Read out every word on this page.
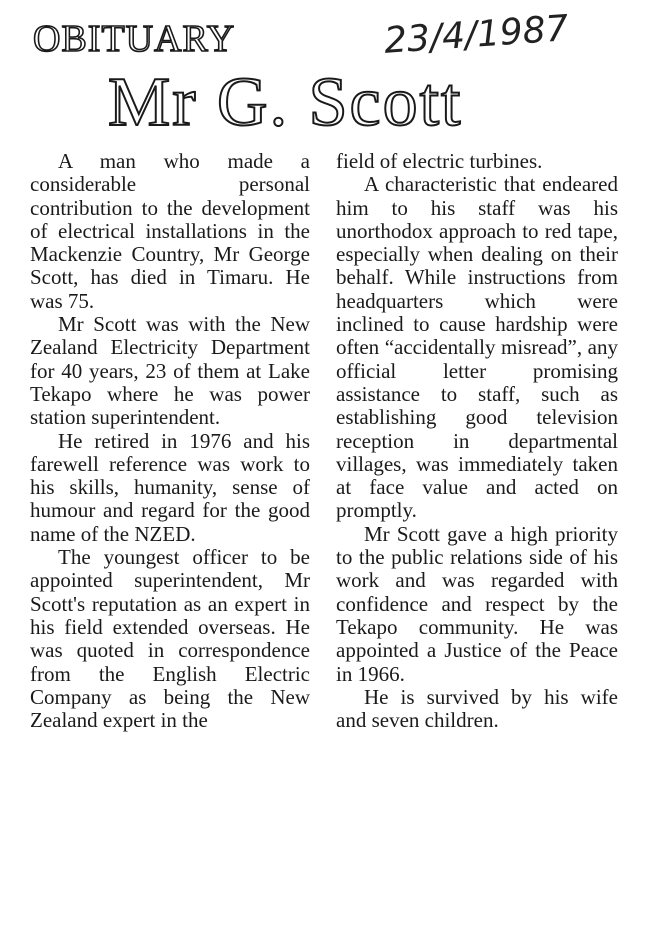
OBITUARY	23/4/1987
Mr G. Scott

A man who made a considerable personal contribution to the development of electrical installations in the Mackenzie Country, Mr George Scott, has died in Timaru. He was 75.

Mr Scott was with the New Zealand Electricity Department for 40 years, 23 of them at Lake Tekapo where he was power station superintendent.

He retired in 1976 and his farewell reference was work to his skills, humanity, sense of humour and regard for the good name of the NZED.

The youngest officer to be appointed superintendent, Mr Scott's reputation as an expert in his field extended overseas. He was quoted in correspondence from the English Electric Company as being the New Zealand expert in the

field of electric turbines.

A characteristic that endeared him to his staff was his unorthodox approach to red tape, especially when dealing on their behalf. While instructions from headquarters which were inclined to cause hardship were often “accidentally misread”, any official letter promising assistance to staff, such as establishing good television reception in departmental villages, was immediately taken at face value and acted on promptly.

Mr Scott gave a high priority to the public relations side of his work and was regarded with confidence and respect by the Tekapo community. He was appointed a Justice of the Peace in 1966.

He is survived by his wife and seven children.
